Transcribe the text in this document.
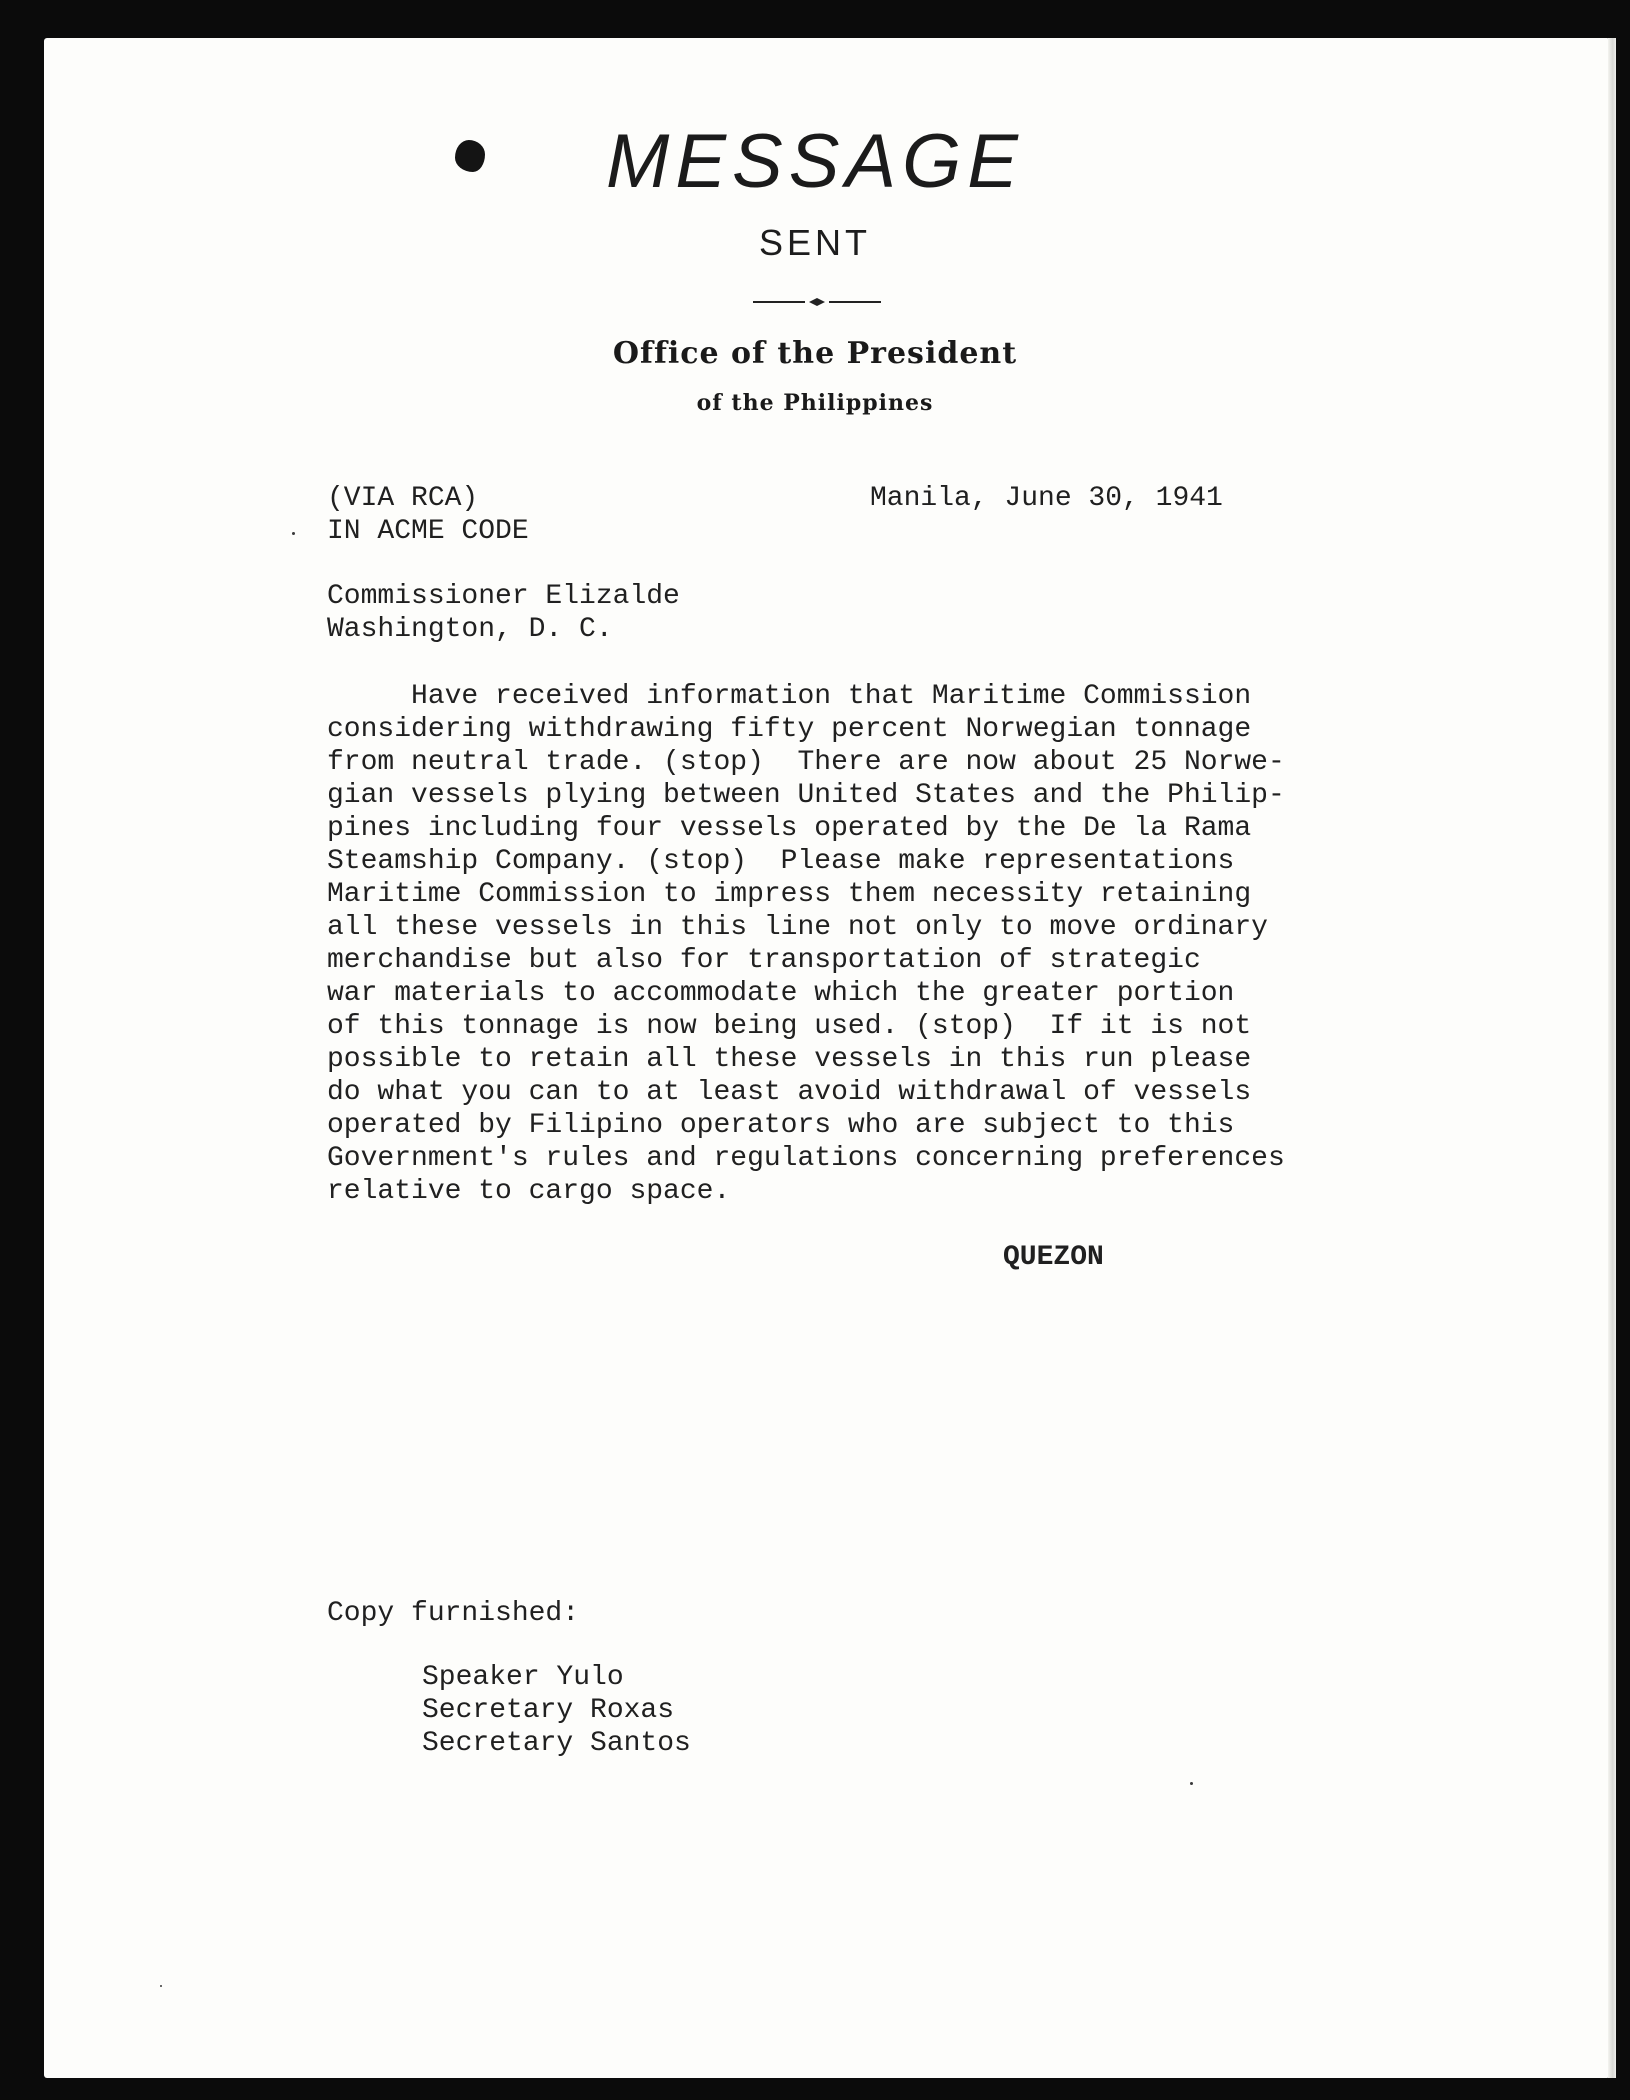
MESSAGE
SENT
Office of the President
of the Philippines

(VIA RCA)

IN ACME CODE

Manila, June 30, 1941

Commissioner Elizalde

Washington, D. C.

Have received information that Maritime Commission
considering withdrawing fifty percent Norwegian tonnage
from neutral trade. (stop)  There are now about 25 Norwe-
gian vessels plying between United States and the Philip-
pines including four vessels operated by the De la Rama
Steamship Company. (stop)  Please make representations
Maritime Commission to impress them necessity retaining
all these vessels in this line not only to move ordinary
merchandise but also for transportation of strategic
war materials to accommodate which the greater portion
of this tonnage is now being used. (stop)  If it is not
possible to retain all these vessels in this run please
do what you can to at least avoid withdrawal of vessels
operated by Filipino operators who are subject to this
Government's rules and regulations concerning preferences
relative to cargo space.

QUEZON

Copy furnished:

Speaker Yulo
Secretary Roxas
Secretary Santos
